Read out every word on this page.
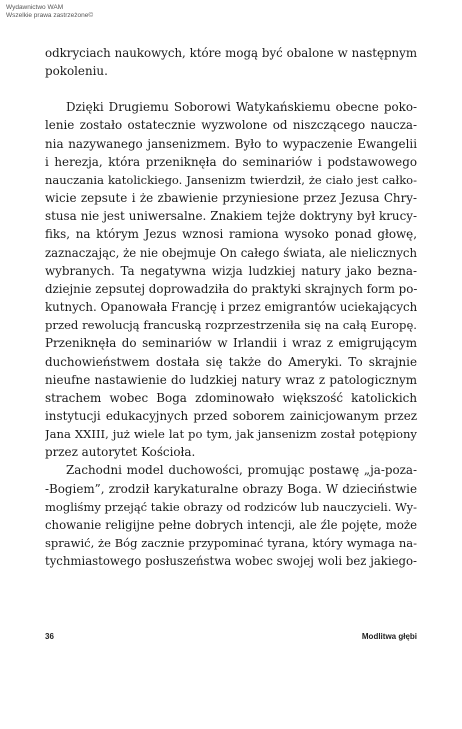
Wydawnictwo WAM
Wszelkie prawa zastrzeżone©

odkryciach naukowych, które mogą być obalone w następnym
pokoleniu.

Dzięki Drugiemu Soborowi Watykańskiemu obecne poko-
lenie zostało ostatecznie wyzwolone od niszczącego naucza-
nia nazywanego jansenizmem. Było to wypaczenie Ewangelii
i herezja, która przeniknęła do seminariów i podstawowego
nauczania katolickiego. Jansenizm twierdził, że ciało jest całko-
wicie zepsute i że zbawienie przyniesione przez Jezusa Chry-
stusa nie jest uniwersalne. Znakiem tejże doktryny był krucy-
fiks, na którym Jezus wznosi ramiona wysoko ponad głowę,
zaznaczając, że nie obejmuje On całego świata, ale nielicznych
wybranych. Ta negatywna wizja ludzkiej natury jako bezna-
dziejnie zepsutej doprowadziła do praktyki skrajnych form po-
kutnych. Opanowała Francję i przez emigrantów uciekających
przed rewolucją francuską rozprzestrzeniła się na całą Europę.
Przeniknęła do seminariów w Irlandii i wraz z emigrującym
duchowieństwem dostała się także do Ameryki. To skrajnie
nieufne nastawienie do ludzkiej natury wraz z patologicznym
strachem wobec Boga zdominowało większość katolickich
instytucji edukacyjnych przed soborem zainicjowanym przez
Jana XXIII, już wiele lat po tym, jak jansenizm został potępiony
przez autorytet Kościoła.

Zachodni model duchowości, promując postawę „ja-poza-
-Bogiem”, zrodził karykaturalne obrazy Boga. W dzieciństwie
mogliśmy przejąć takie obrazy od rodziców lub nauczycieli. Wy-
chowanie religijne pełne dobrych intencji, ale źle pojęte, może
sprawić, że Bóg zacznie przypominać tyrana, który wymaga na-
tychmiastowego posłuszeństwa wobec swojej woli bez jakiego-

36	Modlitwa głębi
